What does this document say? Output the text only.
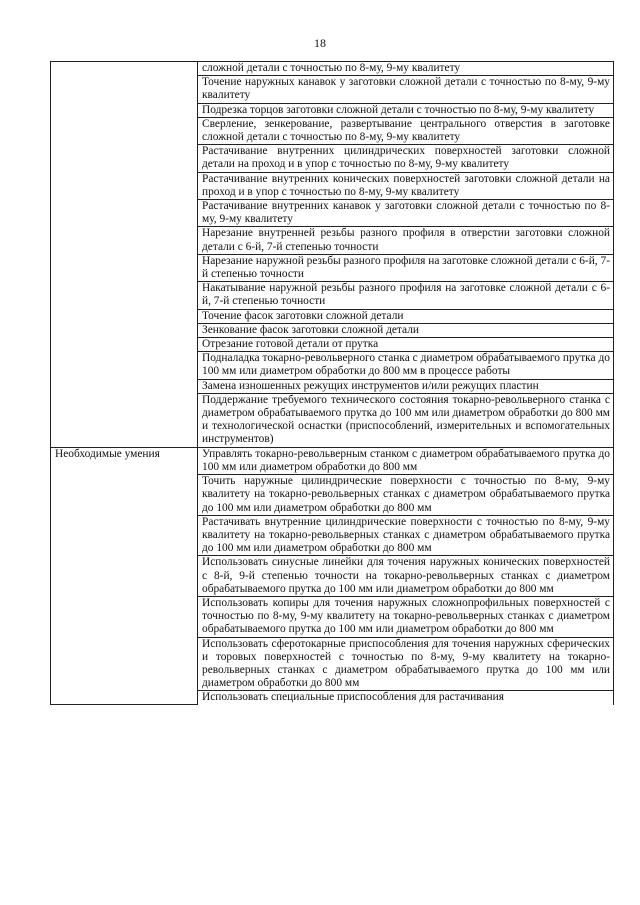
18
	сложной детали с точностью по 8-му, 9-му квалитету
	Точение наружных канавок у заготовки сложной детали с точностью по 8-му, 9-му квалитету
	Подрезка торцов заготовки сложной детали с точностью по 8-му, 9-му квалитету
	Сверление, зенкерование, развертывание центрального отверстия в заготовке сложной детали с точностью по 8-му, 9-му квалитету
	Растачивание внутренних цилиндрических поверхностей заготовки сложной детали на проход и в упор с точностью по 8-му, 9-му квалитету
	Растачивание внутренних конических поверхностей заготовки сложной детали на проход и в упор с точностью по 8-му, 9-му квалитету
	Растачивание внутренних канавок у заготовки сложной детали с точностью по 8-му, 9-му квалитету
	Нарезание внутренней резьбы разного профиля в отверстии заготовки сложной детали с 6-й, 7-й степенью точности
	Нарезание наружной резьбы разного профиля на заготовке сложной детали с 6-й, 7-й степенью точности
	Накатывание наружной резьбы разного профиля на заготовке сложной детали с 6-й, 7-й степенью точности
	Точение фасок заготовки сложной детали
	Зенкование фасок заготовки сложной детали
	Отрезание готовой детали от прутка
	Подналадка токарно-револьверного станка с диаметром обрабатываемого прутка до 100 мм или диаметром обработки до 800 мм в процессе работы
	Замена изношенных режущих инструментов и/или режущих пластин
	Поддержание требуемого технического состояния токарно-револьверного станка с диаметром обрабатываемого прутка до 100 мм или диаметром обработки до 800 мм и технологической оснастки (приспособлений, измерительных и вспомогательных инструментов)
Необходимые умения	Управлять токарно-револьверным станком с диаметром обрабатываемого прутка до 100 мм или диаметром обработки до 800 мм
	Точить наружные цилиндрические поверхности с точностью по 8-му, 9-му квалитету на токарно-револьверных станках с диаметром обрабатываемого прутка до 100 мм или диаметром обработки до 800 мм
	Растачивать внутренние цилиндрические поверхности с точностью по 8-му, 9-му квалитету на токарно-револьверных станках с диаметром обрабатываемого прутка до 100 мм или диаметром обработки до 800 мм
	Использовать синусные линейки для точения наружных конических поверхностей с 8-й, 9-й степенью точности на токарно-револьверных станках с диаметром обрабатываемого прутка до 100 мм или диаметром обработки до 800 мм
	Использовать копиры для точения наружных сложнопрофильных поверхностей с точностью по 8-му, 9-му квалитету на токарно-револьверных станках с диаметром обрабатываемого прутка до 100 мм или диаметром обработки до 800 мм
	Использовать сферотокарные приспособления для точения наружных сферических и торовых поверхностей с точностью по 8-му, 9-му квалитету на токарно-револьверных станках с диаметром обрабатываемого прутка до 100 мм или диаметром обработки до 800 мм
	Использовать специальные приспособления для растачивания
